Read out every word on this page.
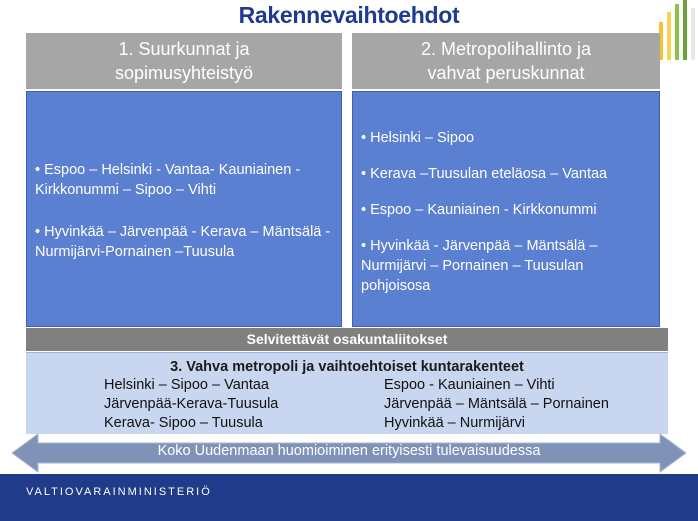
Rakennevaihtoehdot
1. Suurkunnat ja
sopimusyhteistyö

• Espoo – Helsinki - Vantaa- Kauniainen - Kirkkonummi – Sipoo – Vihti

• Hyvinkää – Järvenpää - Kerava – Mäntsälä - Nurmijärvi-Pornainen –Tuusula

2. Metropolihallinto ja
vahvat peruskunnat

• Helsinki – Sipoo

• Kerava –Tuusulan eteläosa – Vantaa

• Espoo – Kauniainen - Kirkkonummi

• Hyvinkää - Järvenpää – Mäntsälä – Nurmijärvi – Pornainen – Tuusulan pohjoisosa

Selvitettävät osakuntaliitokset
3. Vahva metropoli ja vaihtoehtoiset kuntarakenteet
Helsinki – Sipoo – Vantaa
Järvenpää-Kerava-Tuusula
Kerava- Sipoo – Tuusula
Espoo - Kauniainen – Vihti
Järvenpää – Mäntsälä – Pornainen
Hyvinkää – Nurmijärvi
Koko Uudenmaan huomioiminen erityisesti tulevaisuudessa
VALTIOVARAINMINISTERIÖ
